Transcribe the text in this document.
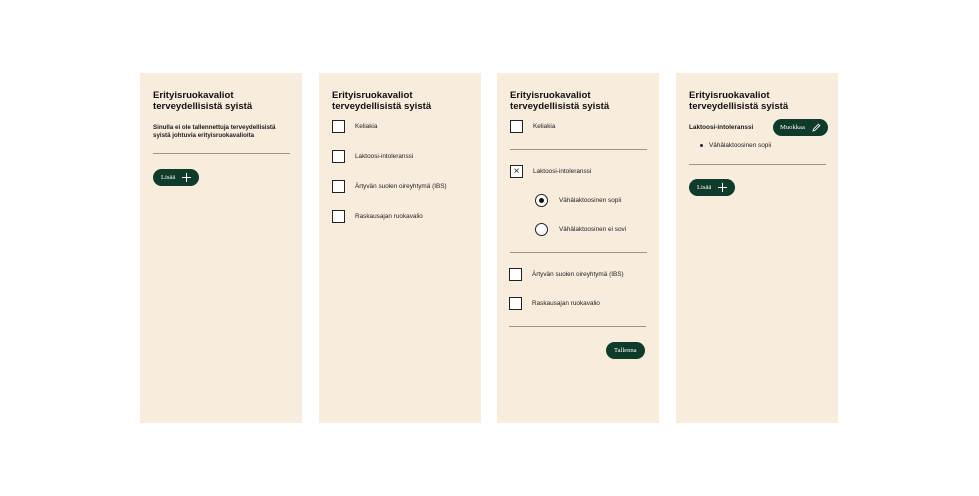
Erityisruokavaliot terveydellisistä syistä
Sinulla ei ole tallennettuja terveydellisistä syistä johtuvia erityisruokavalioita
Lisää
Erityisruokavaliot terveydellisistä syistä
Keliakia
Laktoosi-intoleranssi
Ärtyvän suolen oireyhtymä (IBS)
Raskausajan ruokavalio
Erityisruokavaliot terveydellisistä syistä
Keliakia
× Laktoosi-intoleranssi
Vähälaktoosinen sopii
Vähälaktoosinen ei sovi
Ärtyvän suolen oireyhtymä (IBS)
Raskausajan ruokavalio
Tallenna
Erityisruokavaliot terveydellisistä syistä
Laktoosi-intoleranssi	Muokkaa
Vähälaktoosinen sopii
Lisää
